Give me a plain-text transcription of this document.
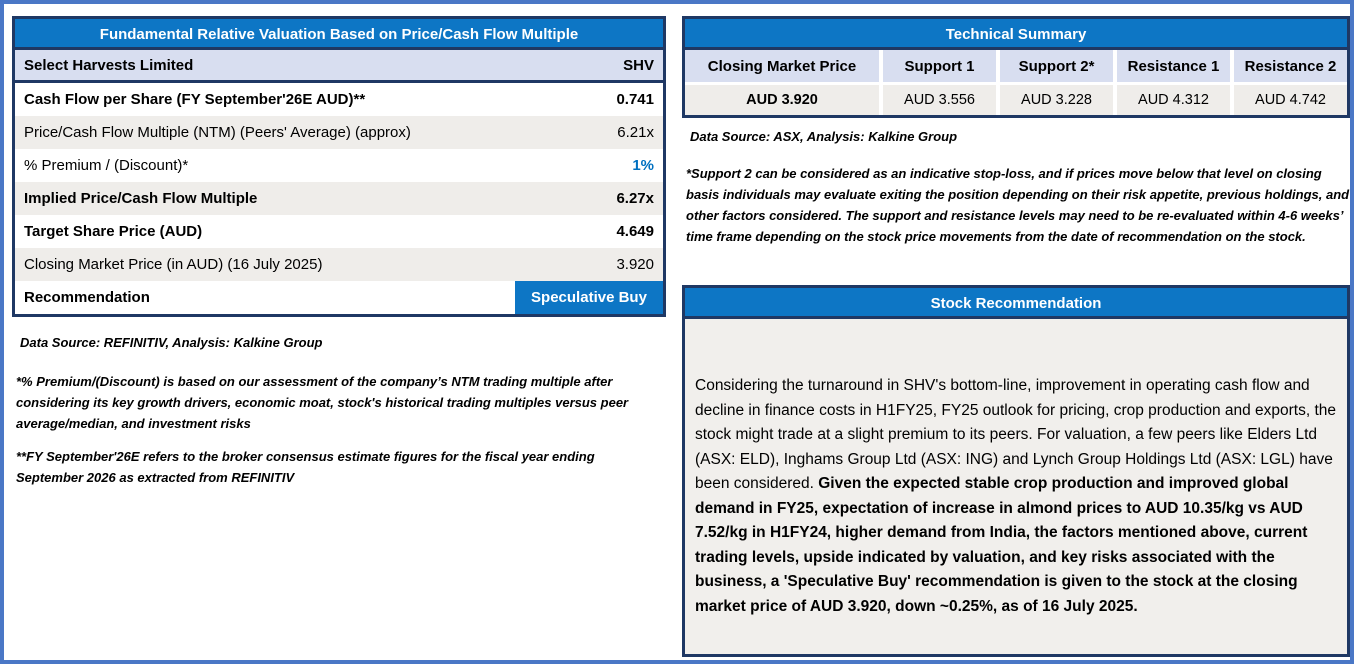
Fundamental Relative Valuation Based on Price/Cash Flow Multiple
Select Harvests Limited	SHV
Cash Flow per Share (FY September'26E AUD)**	0.741
Price/Cash Flow Multiple (NTM) (Peers' Average) (approx)	6.21x
% Premium / (Discount)*	1%
Implied Price/Cash Flow Multiple	6.27x
Target Share Price (AUD)	4.649
Closing Market Price (in AUD) (16 July 2025)	3.920
Recommendation	Speculative Buy
Data Source: REFINITIV, Analysis: Kalkine Group
*% Premium/(Discount) is based on our assessment of the company’s NTM trading multiple after considering its key growth drivers, economic moat, stock's historical trading multiples versus peer average/median, and investment risks
**FY September'26E refers to the broker consensus estimate figures for the fiscal year ending September 2026 as extracted from REFINITIV
Technical Summary
Closing Market Price	Support 1	Support 2*	Resistance 1	Resistance 2
AUD 3.920	AUD 3.556	AUD 3.228	AUD 4.312	AUD 4.742
Data Source: ASX, Analysis: Kalkine Group
*Support 2 can be considered as an indicative stop-loss, and if prices move below that level on closing basis individuals may evaluate exiting the position depending on their risk appetite, previous holdings, and other factors considered. The support and resistance levels may need to be re-evaluated within 4-6 weeks’ time frame depending on the stock price movements from the date of recommendation on the stock.
Stock Recommendation
Considering the turnaround in SHV's bottom-line, improvement in operating cash flow and decline in finance costs in H1FY25, FY25 outlook for pricing, crop production and exports, the stock might trade at a slight premium to its peers. For valuation, a few peers like Elders Ltd (ASX: ELD), Inghams Group Ltd (ASX: ING) and Lynch Group Holdings Ltd (ASX: LGL) have been considered. Given the expected stable crop production and improved global demand in FY25, expectation of increase in almond prices to AUD 10.35/kg vs AUD 7.52/kg in H1FY24, higher demand from India, the factors mentioned above, current trading levels, upside indicated by valuation, and key risks associated with the business, a 'Speculative Buy' recommendation is given to the stock at the closing market price of AUD 3.920, down ~0.25%, as of 16 July 2025.
